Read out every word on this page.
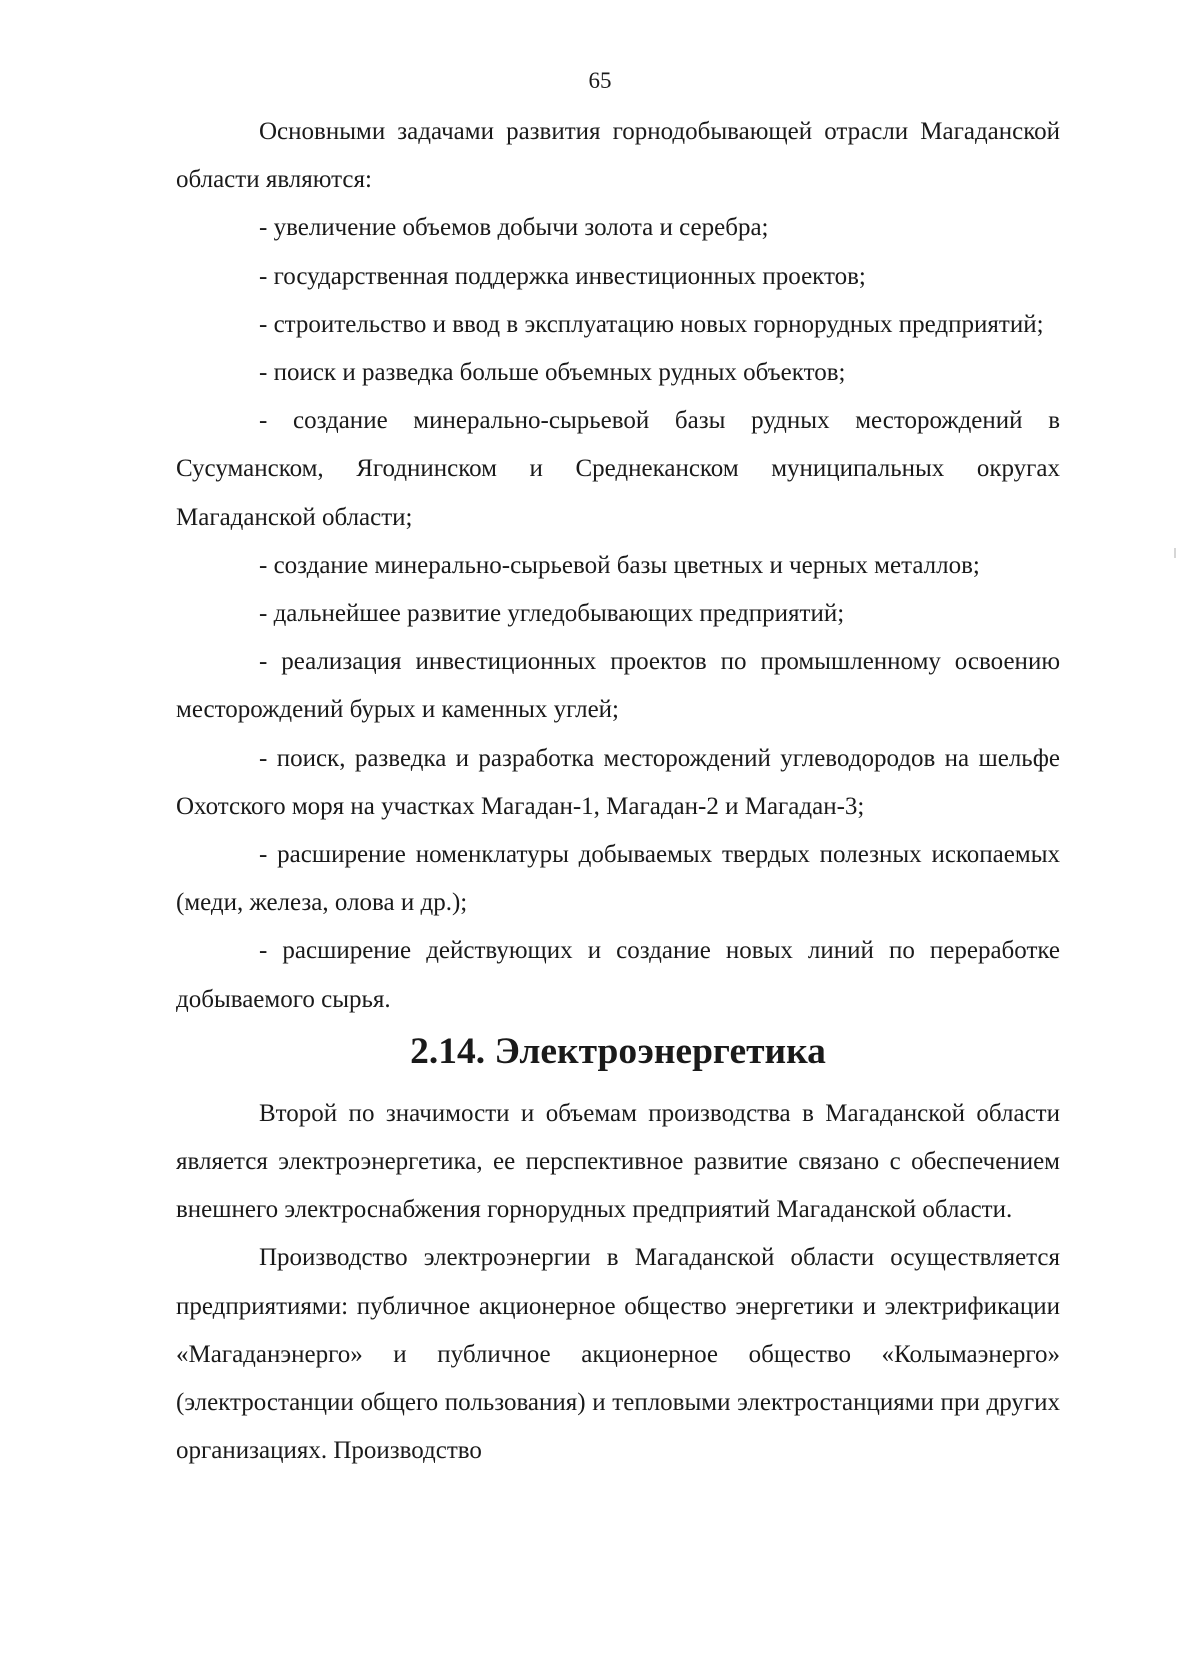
65

Основными задачами развития горнодобывающей отрасли Магаданской области являются:

- увеличение объемов добычи золота и серебра;

- государственная поддержка инвестиционных проектов;

- строительство и ввод в эксплуатацию новых горнорудных предприятий;

- поиск и разведка больше объемных рудных объектов;

- создание минерально-сырьевой базы рудных месторождений в Сусуманском, Ягоднинском и Среднеканском муниципальных округах Магаданской области;

- создание минерально-сырьевой базы цветных и черных металлов;

- дальнейшее развитие угледобывающих предприятий;

- реализация инвестиционных проектов по промышленному освоению месторождений бурых и каменных углей;

- поиск, разведка и разработка месторождений углеводородов на шельфе Охотского моря на участках Магадан-1, Магадан-2 и Магадан-3;

- расширение номенклатуры добываемых твердых полезных ископаемых (меди, железа, олова и др.);

- расширение действующих и создание новых линий по переработке добываемого сырья.

2.14. Электроэнергетика

Второй по значимости и объемам производства в Магаданской области является электроэнергетика, ее перспективное развитие связано с обеспечением внешнего электроснабжения горнорудных предприятий Магаданской области.

Производство электроэнергии в Магаданской области осуществляется предприятиями: публичное акционерное общество энергетики и электрификации «Магаданэнерго» и публичное акционерное общество «Колымаэнерго» (электростанции общего пользования) и тепловыми электростанциями при других организациях. Производство
